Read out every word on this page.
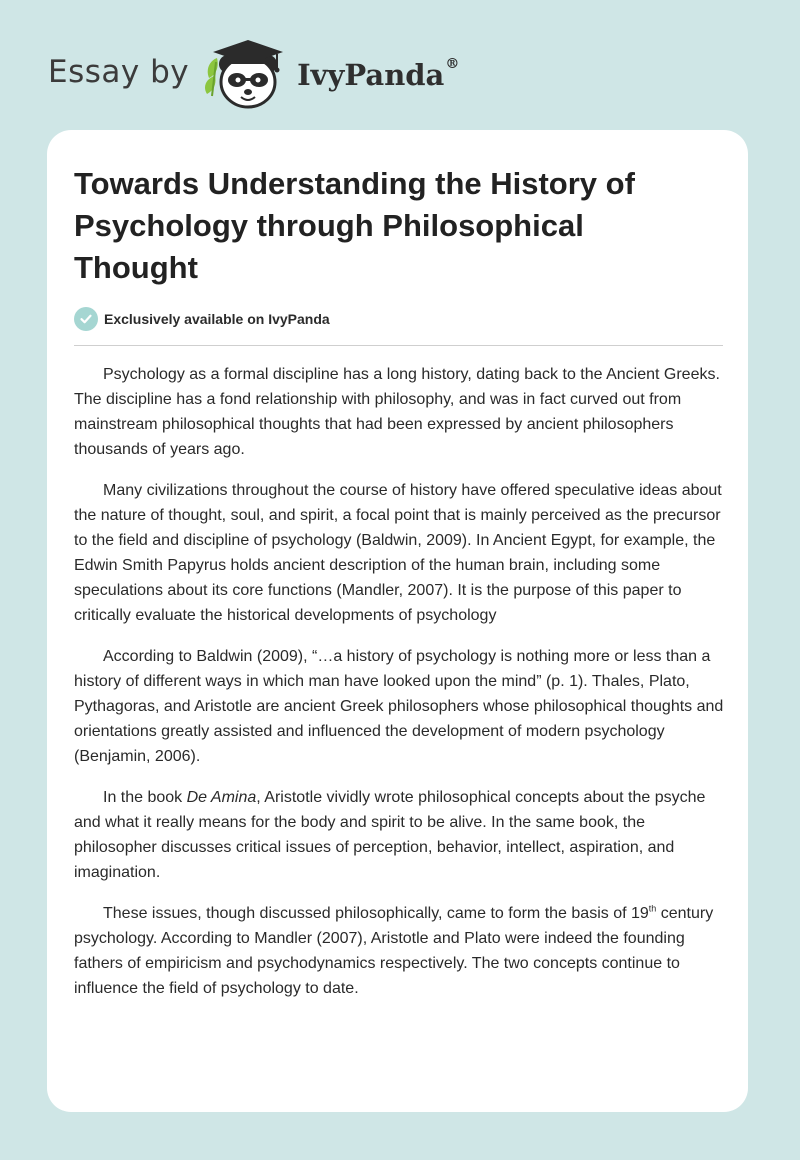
Essay by	IvyPanda®
Towards Understanding the History of Psychology through Philosophical Thought
Exclusively available on IvyPanda

Psychology as a formal discipline has a long history, dating back to the Ancient Greeks. The discipline has a fond relationship with philosophy, and was in fact curved out from mainstream philosophical thoughts that had been expressed by ancient philosophers thousands of years ago.

Many civilizations throughout the course of history have offered speculative ideas about the nature of thought, soul, and spirit, a focal point that is mainly perceived as the precursor to the field and discipline of psychology (Baldwin, 2009). In Ancient Egypt, for example, the Edwin Smith Papyrus holds ancient description of the human brain, including some speculations about its core functions (Mandler, 2007). It is the purpose of this paper to critically evaluate the historical developments of psychology

According to Baldwin (2009), “…a history of psychology is nothing more or less than a history of different ways in which man have looked upon the mind” (p. 1). Thales, Plato, Pythagoras, and Aristotle are ancient Greek philosophers whose philosophical thoughts and orientations greatly assisted and influenced the development of modern psychology (Benjamin, 2006).

In the book De Amina, Aristotle vividly wrote philosophical concepts about the psyche and what it really means for the body and spirit to be alive. In the same book, the philosopher discusses critical issues of perception, behavior, intellect, aspiration, and imagination.

These issues, though discussed philosophically, came to form the basis of 19th century psychology. According to Mandler (2007), Aristotle and Plato were indeed the founding fathers of empiricism and psychodynamics respectively. The two concepts continue to influence the field of psychology to date.
